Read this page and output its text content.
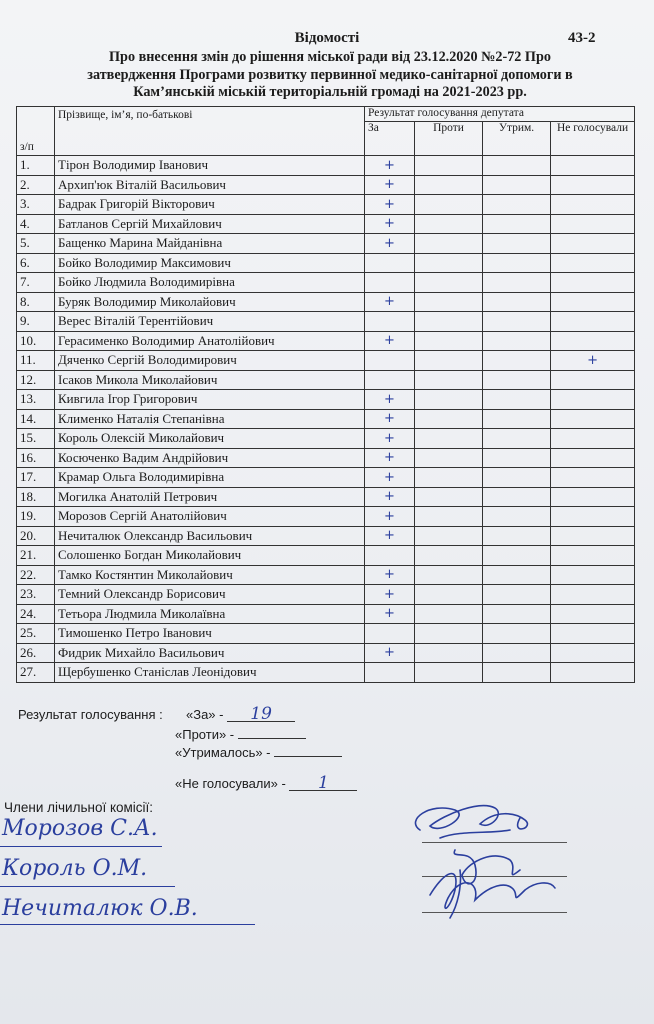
Відомості	43-2
Про внесення змін до рішення міської ради від 23.12.2020 №2-72 Про
затвердження Програми розвитку первинної медико-санітарної допомоги в
Кам’янській міській територіальній громаді на 2021-2023 рр.
з/п	Прізвище, ім’я, по-батькові	Результат голосування депутата			
		За	Проти	Утрим.	Не голосували
1.	Тірон Володимир Іванович	+			
2.	Архип'юк Віталій Васильович	+			
3.	Бадрак Григорій Вікторович	+			
4.	Батланов Сергій Михайлович	+			
5.	Бащенко Марина Майданівна	+			
6.	Бойко Володимир Максимович				
7.	Бойко Людмила Володимирівна				
8.	Буряк Володимир Миколайович	+			
9.	Верес Віталій Терентійович				
10.	Герасименко Володимир Анатолійович	+			
11.	Дяченко Сергій Володимирович				+
12.	Ісаков Микола Миколайович				
13.	Кивгила Ігор Григорович	+			
14.	Клименко Наталія Степанівна	+			
15.	Король Олексій Миколайович	+			
16.	Косюченко Вадим Андрійович	+			
17.	Крамар Ольга Володимирівна	+			
18.	Могилка Анатолій Петрович	+			
19.	Морозов Сергій Анатолійович	+			
20.	Нечиталюк Олександр Васильович	+			
21.	Солошенко Богдан Миколайович				
22.	Тамко Костянтин Миколайович	+			
23.	Темний Олександр Борисович	+			
24.	Тетьора Людмила Миколаївна	+			
25.	Тимошенко Петро Іванович				
26.	Фидрик Михайло Васильович	+			
27.	Щербушенко Станіслав Леонідович				
Результат голосування : «За» - 19
«Проти» -
«Утрималось» -
«Не голосували» - 1
Члени лічильної комісії:
Морозов С.А.
Король О.М.
Нечиталюк О.В.
